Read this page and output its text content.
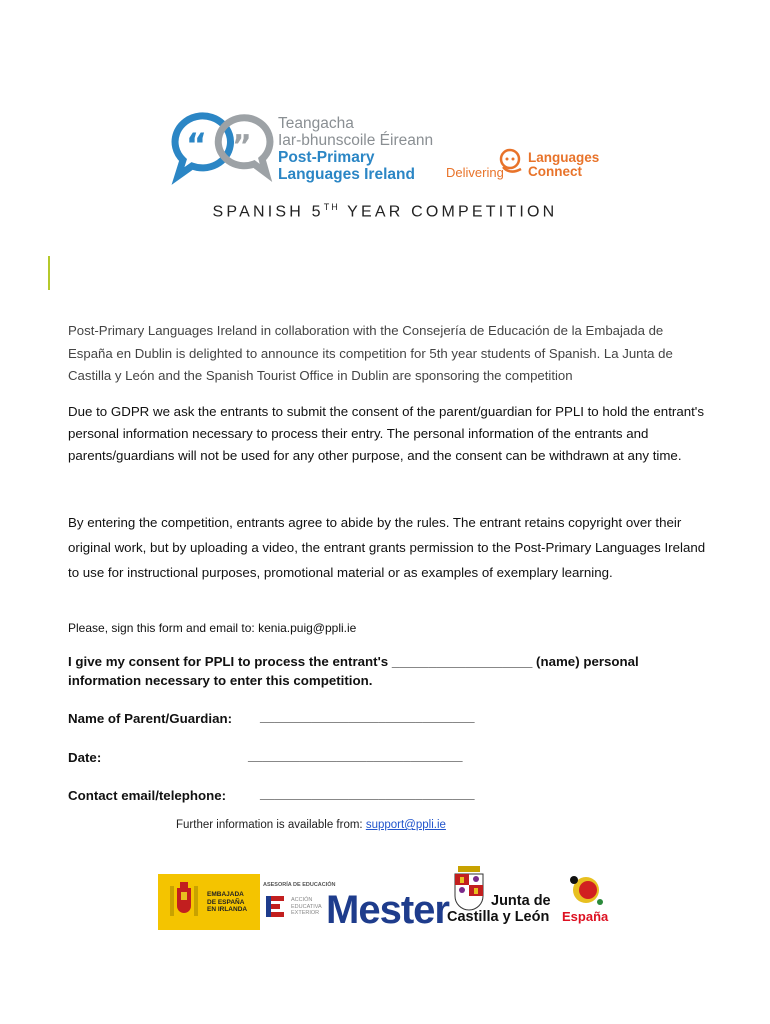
“ ”
Teangacha
Iar-bhunscoile Éireann
Post-Primary
Languages Ireland	Delivering
Languages
Connect
SPANISH 5TH YEAR COMPETITION
Post-Primary Languages Ireland in collaboration with the Consejería de Educación de la Embajada de España en Dublin is delighted to announce its competition for 5th year students of Spanish. La Junta de Castilla y León and the Spanish Tourist Office in Dublin are sponsoring the competition
Due to GDPR we ask the entrants to submit the consent of the parent/guardian for PPLI to hold the entrant's personal information necessary to process their entry. The personal information of the entrants and parents/guardians will not be used for any other purpose, and the consent can be withdrawn at any time.
By entering the competition, entrants agree to abide by the rules. The entrant retains copyright over their original work, but by uploading a video, the entrant grants permission to the Post-Primary Languages Ireland to use for instructional purposes, promotional material or as examples of exemplary learning.
Please, sign this form and email to: kenia.puig@ppli.ie
I give my consent for PPLI to process the entrant's ___________________ (name) personal information necessary to enter this competition.
Name of Parent/Guardian: _____________________________
Date:	_____________________________
Contact email/telephone:	_____________________________
Further information is available from: support@ppli.ie
EMBAJADA
DE ESPAÑA
EN IRLANDA
ASESORÍA DE EDUCACIÓN
ACCIÓN
EDUCATIVA
EXTERIOR Mester	Junta de
Castilla y León España
